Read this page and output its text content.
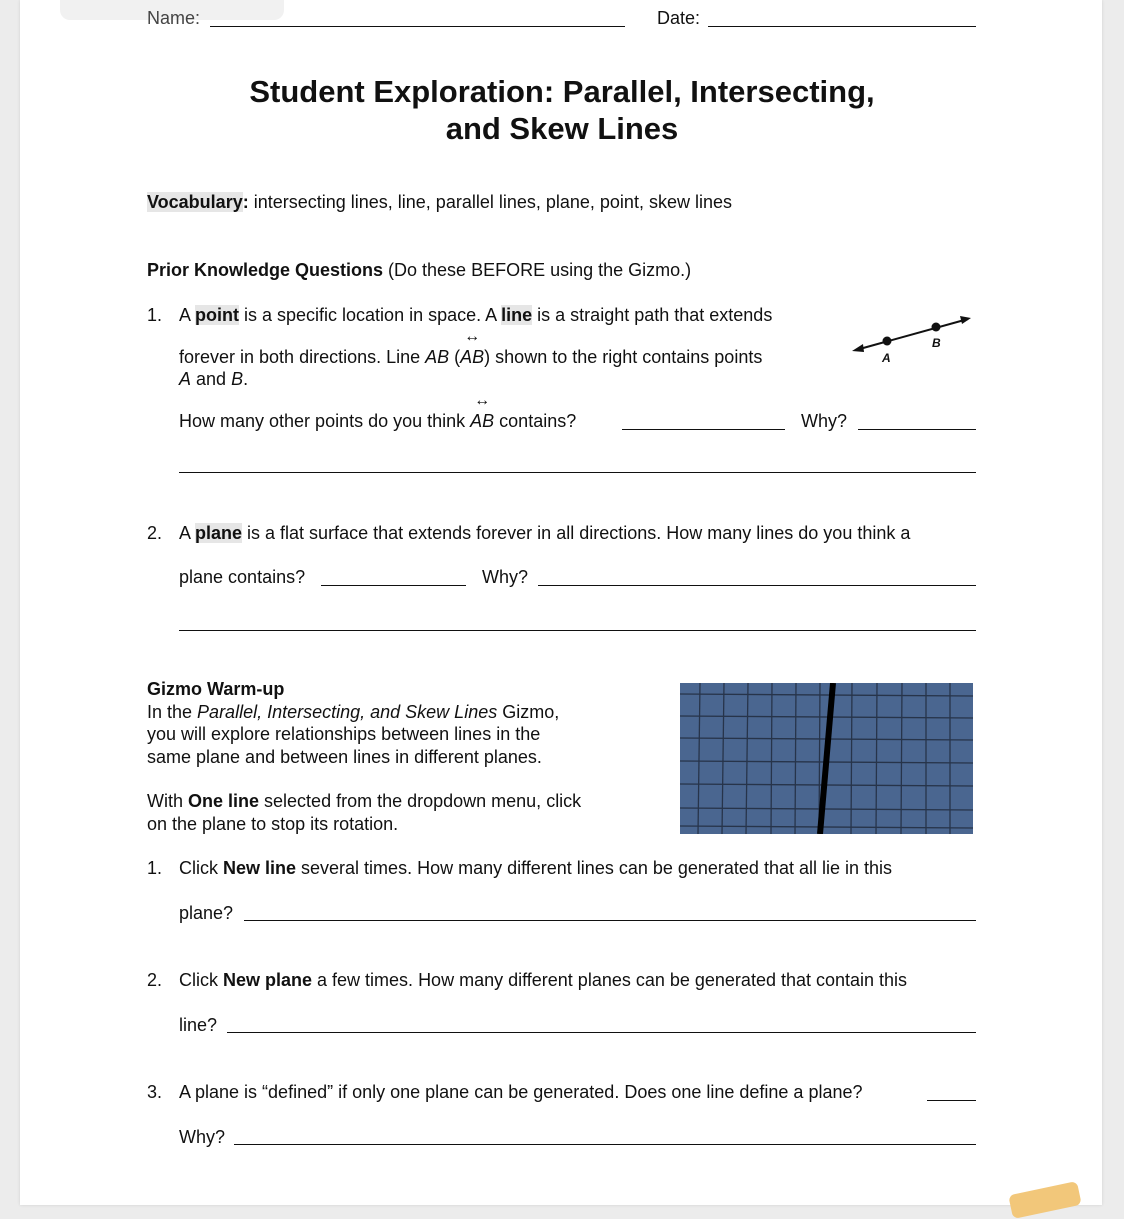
Name:	Date:
Student Exploration: Parallel, Intersecting,
and Skew Lines
Vocabulary: intersecting lines, line, parallel lines, plane, point, skew lines
Prior Knowledge Questions (Do these BEFORE using the Gizmo.)
1. A point is a specific location in space. A line is a straight path that extends
forever in both directions. Line AB (
↔
AB) shown to the right contains points
A and B.
A
B
How many other points do you think
↔
AB contains?	Why?
2. A plane is a flat surface that extends forever in all directions. How many lines do you think a
plane contains?	Why?
Gizmo Warm-up
In the Parallel, Intersecting, and Skew Lines Gizmo,
you will explore relationships between lines in the
same plane and between lines in different planes.
With One line selected from the dropdown menu, click
on the plane to stop its rotation.
1. Click New line several times. How many different lines can be generated that all lie in this
plane?
2. Click New plane a few times. How many different planes can be generated that contain this
line?
3. A plane is “defined” if only one plane can be generated. Does one line define a plane?
Why?
